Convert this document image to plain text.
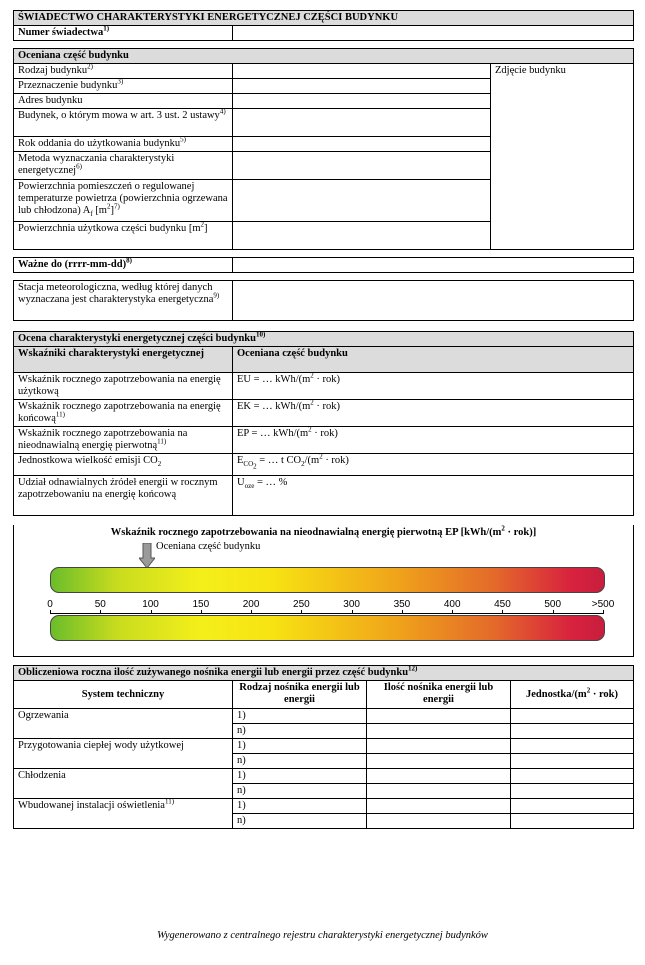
ŚWIADECTWO CHARAKTERYSTYKI ENERGETYCZNEJ CZĘŚCI BUDYNKU
Numer świadectwa$^{1)}$	
Oceniana część budynku		
Rodzaj budynku$^{2)}$		Zdjęcie budynku
Przeznaczenie budynku$^{3)}$	
Adres budynku		
Budynek, o którym mowa w art. 3 ust. 2 ustawy$^{4)}$	
Rok oddania do użytkowania budynku$^{5)}$	
Metoda wyznaczania charakterystyki energetycznej$^{6)}$	
Powierzchnia pomieszczeń o regulowanej temperaturze powietrza (powierzchnia ogrzewana lub chłodzona) $A_f$ $[m^2]^{7)}$	
Powierzchnia użytkowa części budynku $[m^2]$		
Ważne do (rrrr-mm-dd)$^{8)}$	
Stacja meteorologiczna, według której danych wyznaczana jest charakterystyka energetyczna$^{9)}$	
Ocena charakterystyki energetycznej części budynku$^{10)}$
Wskaźniki charakterystyki energetycznej	Oceniana część budynku
Wskaźnik rocznego zapotrzebowania na energię użytkową	EU = … kWh/$(m^2 \cdot rok)$
Wskaźnik rocznego zapotrzebowania na energię końcową$^{11)}$	EK = … kWh/$(m^2 \cdot rok)$
Wskaźnik rocznego zapotrzebowania na nieodnawialną energię pierwotną$^{11)}$	EP = … kWh/$(m^2 \cdot rok)$
Jednostkowa wielkość emisji $CO_2$	$E_{CO_2}$ = … t $CO_2/(m^2 \cdot rok)$
Udział odnawialnych źródeł energii w rocznym zapotrzebowaniu na energię końcową	$U_{oze}$ = … %
Wskaźnik rocznego zapotrzebowania na nieodnawialną energię pierwotną EP $[kWh/(m^2 \cdot rok)]$
Oceniana część budynku
0	50	100	150	200	250	300	350	400	450	500	>500
Obliczeniowa roczna ilość zużywanego nośnika energii lub energii przez część budynku$^{12)}$
System techniczny	Rodzaj nośnika energii lub energii	Ilość nośnika energii lub energii	Jednostka/$(m^2 \cdot rok)$
Ogrzewania	1)		
	n)		
Przygotowania ciepłej wody użytkowej	1)		
	n)		
Chłodzenia	1)		
	n)		
Wbudowanej instalacji oświetlenia$^{11)}$	1)		
	n)		
Wygenerowano z centralnego rejestru charakterystyki energetycznej budynków
